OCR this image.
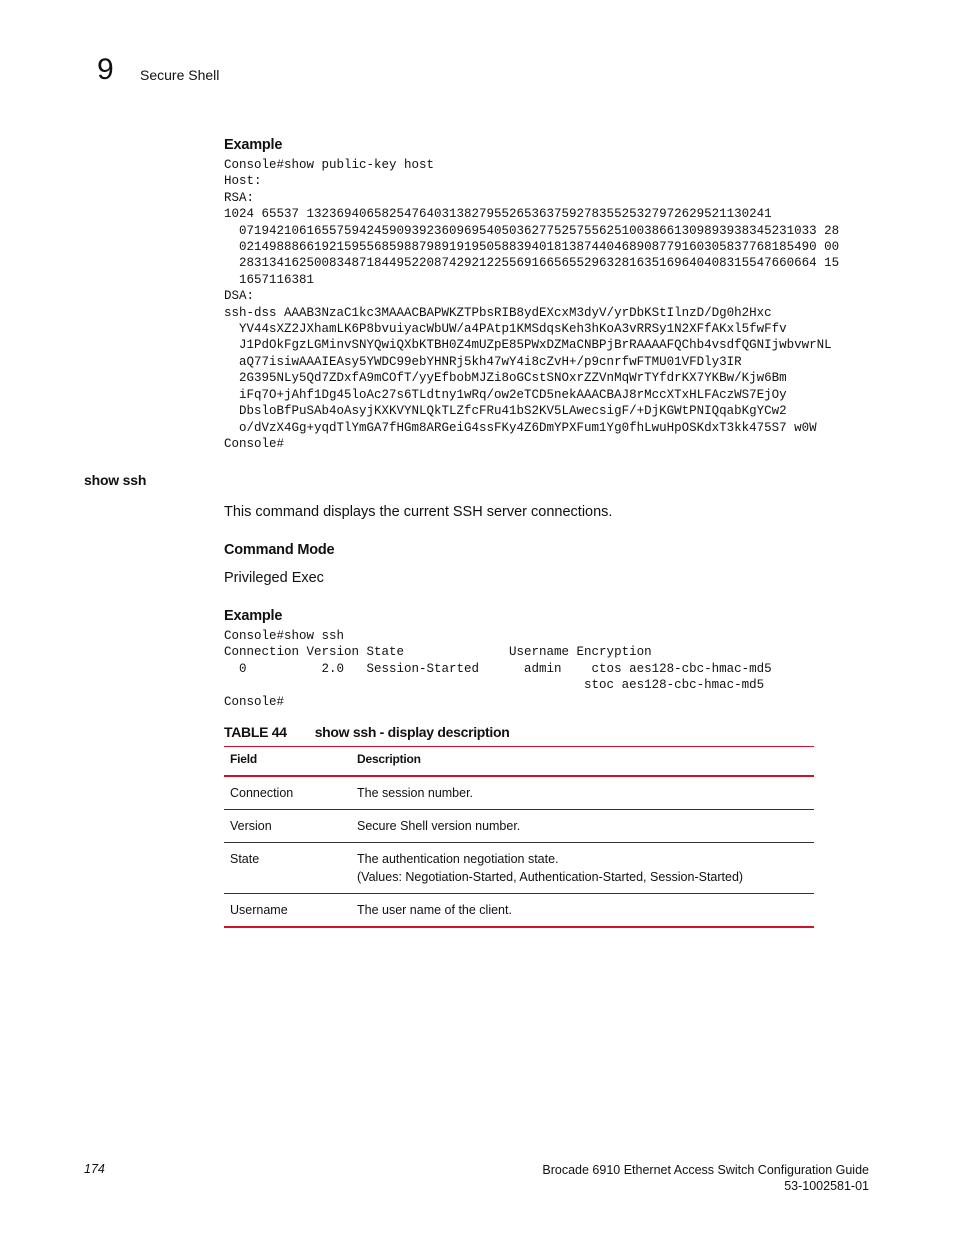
9 Secure Shell
Example
Console#show public-key host
Host:
RSA:
1024 65537 13236940658254764031382795526536375927835525327972629521130241
07194210616557594245909392360969540503627752575562510038661309893938345231033 28
02149888661921595568598879891919505883940181387440468908779160305837768185490 00
28313416250083487184495220874292122556916656552963281635169640408315547660664 15
1657116381
DSA:
ssh-dss AAAB3NzaC1kc3MAAACBAPWKZTPbsRIB8ydEXcxM3dyV/yrDbKStIlnzD/Dg0h2Hxc
YV44sXZ2JXhamLK6P8bvuiyacWbUW/a4PAtp1KMSdqsKeh3hKoA3vRRSy1N2XFfAKxl5fwFfv
J1PdOkFgzLGMinvSNYQwiQXbKTBH0Z4mUZpE85PWxDZMaCNBPjBrRAAAAFQChb4vsdfQGNIjwbvwrNL
aQ77isiwAAAIEAsy5YWDC99ebYHNRj5kh47wY4i8cZvH+/p9cnrfwFTMU01VFDly3IR
2G395NLy5Qd7ZDxfA9mCOfT/yyEfbobMJZi8oGCstSNOxrZZVnMqWrTYfdrKX7YKBw/Kjw6Bm
iFq7O+jAhf1Dg45loAc27s6TLdtny1wRq/ow2eTCD5nekAAACBAJ8rMccXTxHLFAczWS7EjOy
DbsloBfPuSAb4oAsyjKXKVYNLQkTLZfcFRu41bS2KV5LAwecsigF/+DjKGWtPNIQqabKgYCw2
o/dVzX4Gg+yqdTlYmGA7fHGm8ARGeiG4ssFKy4Z6DmYPXFum1Yg0fhLwuHpOSKdxT3kk475S7 w0W
Console#
show ssh
This command displays the current SSH server connections.
Command Mode
Privileged Exec
Example
Console#show ssh
Connection Version State              Username Encryption
0          2.0   Session-Started      admin    ctos aes128-cbc-hmac-md5
stoc aes128-cbc-hmac-md5
Console#
TABLE 44 show ssh - display description
Field	Description
Connection	The session number.

Version	Secure Shell version number.

State	The authentication negotiation state.
(Values: Negotiation-Started, Authentication-Started, Session-Started)

Username	The user name of the client.
174	Brocade 6910 Ethernet Access Switch Configuration Guide
53-1002581-01
